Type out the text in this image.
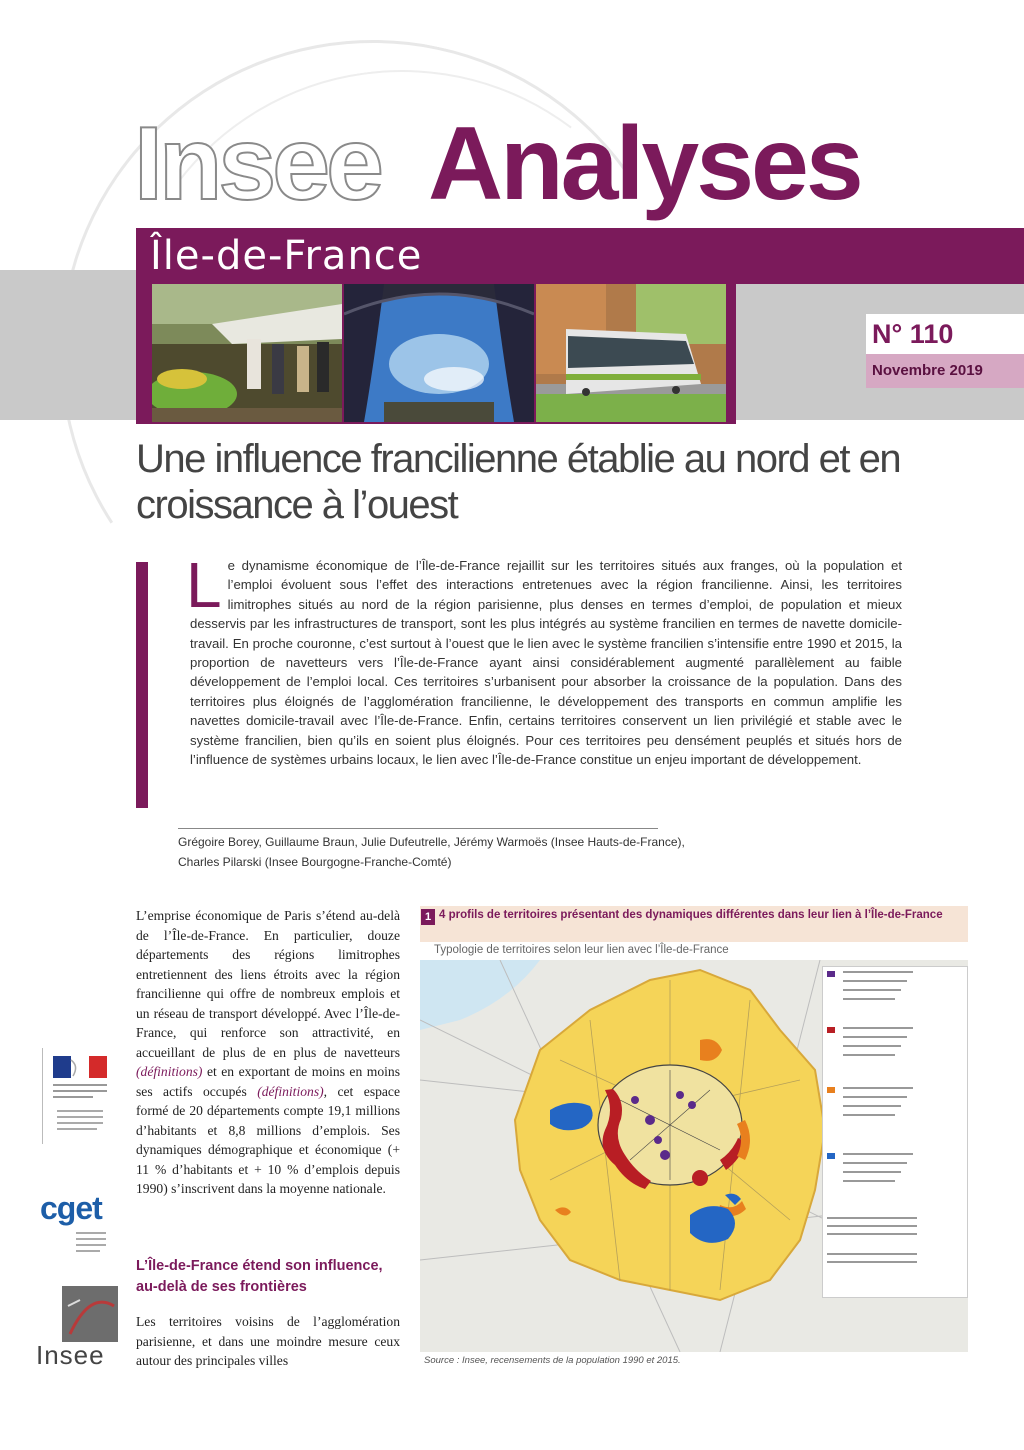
Insee Analyses
Île-de-France
N° 110
Novembre 2019
Une influence francilienne établie au nord et en croissance à l’ouest
Le dynamisme économique de l’Île-de-France rejaillit sur les territoires situés aux franges, où la population et l’emploi évoluent sous l’effet des interactions entretenues avec la région francilienne. Ainsi, les territoires limitrophes situés au nord de la région parisienne, plus denses en termes d’emploi, de population et mieux desservis par les infrastructures de transport, sont les plus intégrés au système francilien en termes de navette domicile-travail. En proche couronne, c’est surtout à l’ouest que le lien avec le système francilien s’intensifie entre 1990 et 2015, la proportion de navetteurs vers l’Île-de-France ayant ainsi considérablement augmenté parallèlement au faible développement de l’emploi local. Ces territoires s’urbanisent pour absorber la croissance de la population. Dans des territoires plus éloignés de l’agglomération francilienne, le développement des transports en commun amplifie les navettes domicile-travail avec l’Île-de-France. Enfin, certains territoires conservent un lien privilégié et stable avec le système francilien, bien qu’ils en soient plus éloignés. Pour ces territoires peu densément peuplés et situés hors de l’influence de systèmes urbains locaux, le lien avec l’Île-de-France constitue un enjeu important de développement.
Grégoire Borey, Guillaume Braun, Julie Dufeutrelle, Jérémy Warmoës (Insee Hauts-de-France),
Charles Pilarski (Insee Bourgogne-Franche-Comté)
cget
Insee
L’emprise économique de Paris s’étend au-delà de l’Île-de-France. En particulier, douze départements des régions limitrophes entretiennent des liens étroits avec la région francilienne qui offre de nombreux emplois et un réseau de transport développé. Avec l’Île-de-France, qui renforce son attractivité, en accueillant de plus de en plus de navetteurs (définitions) et en exportant de moins en moins ses actifs occupés (définitions), cet espace formé de 20 départements compte 19,1 millions d’habitants et 8,8 millions d’emplois. Ses dynamiques démographique et économique (+ 11 % d’habitants et + 10 % d’emplois depuis 1990) s’inscrivent dans la moyenne nationale.
L’Île-de-France étend son influence, au-delà de ses frontières
Les territoires voisins de l’agglomération parisienne, et dans une moindre mesure ceux autour des principales villes
1 4 profils de territoires présentant des dynamiques différentes dans leur lien à l’Île-de-France
Typologie de territoires selon leur lien avec l’Île-de-France
Source : Insee, recensements de la population 1990 et 2015.
